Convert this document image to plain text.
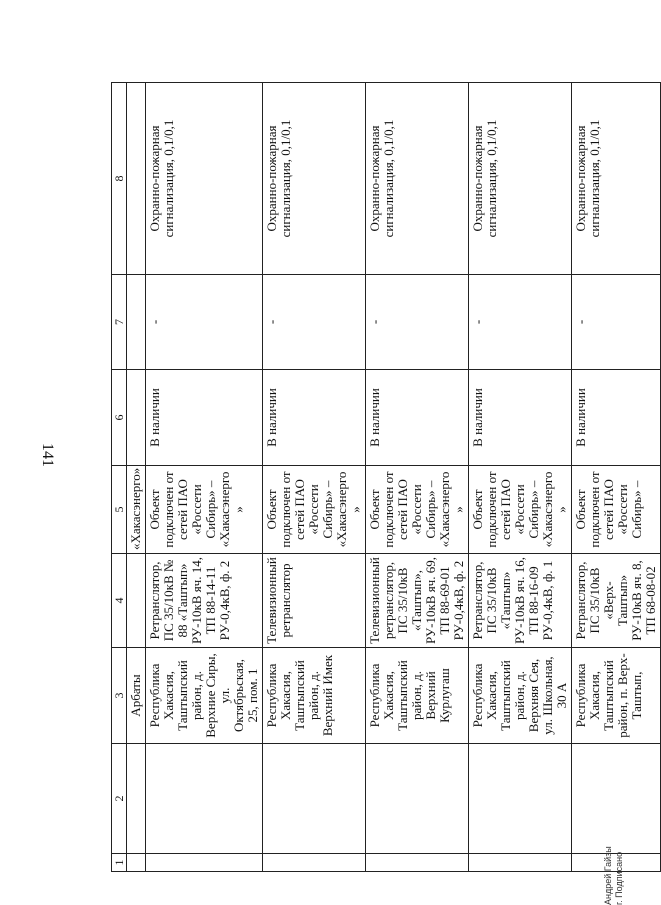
141
1	2	3	4	5	6	7	8
		Арбаты		«Хакасэнерго»			
		Республика Хакасия, Таштыпский район, д. Верхние Сиры, ул. Октябрьская, 25, пом. 1	Ретранслятор, ПС 35/10кВ № 88 «Таштып» РУ-10кВ яч. 14, ТП 88-14-11 РУ-0,4кВ, ф. 2	Объект подключен от сетей ПАО «Россети Сибирь» – «Хакасэнерго»	В наличии	-	Охранно-пожарная сигнализация, 0,1/0,1
		Республика Хакасия, Таштыпский район, д. Верхний Имек	Телевизионный ретранслятор	Объект подключен от сетей ПАО «Россети Сибирь» – «Хакасэнерго»	В наличии	-	Охранно-пожарная сигнализация, 0,1/0,1
		Республика Хакасия, Таштыпский район, д. Верхний Курлугаш	Телевизионный ретранслятор, ПС 35/10кВ «Таштып», РУ-10кВ яч. 69, ТП 88-69-01 РУ-0,4кВ, ф. 2	Объект подключен от сетей ПАО «Россети Сибирь» – «Хакасэнерго»	В наличии	-	Охранно-пожарная сигнализация, 0,1/0,1
		Республика Хакасия, Таштыпский район, д. Верхняя Сея, ул. Школьная, 30 А	Ретранслятор, ПС 35/10кВ «Таштып» РУ-10кВ яч. 16, ТП 88-16-09 РУ-0,4кВ, ф. 1	Объект подключен от сетей ПАО «Россети Сибирь» – «Хакасэнерго»	В наличии	-	Охранно-пожарная сигнализация, 0,1/0,1
		Республика Хакасия, Таштыпский район, п. Верх-Таштып,	Ретранслятор, ПС 35/10кВ «Верх-Таштып» РУ-10кВ яч. 8, ТП 68-08-02	Объект подключен от сетей ПАО «Россети Сибирь» –	В наличии	-	Охранно-пожарная сигнализация, 0,1/0,1
Андрей Гайзы г. Подписано
